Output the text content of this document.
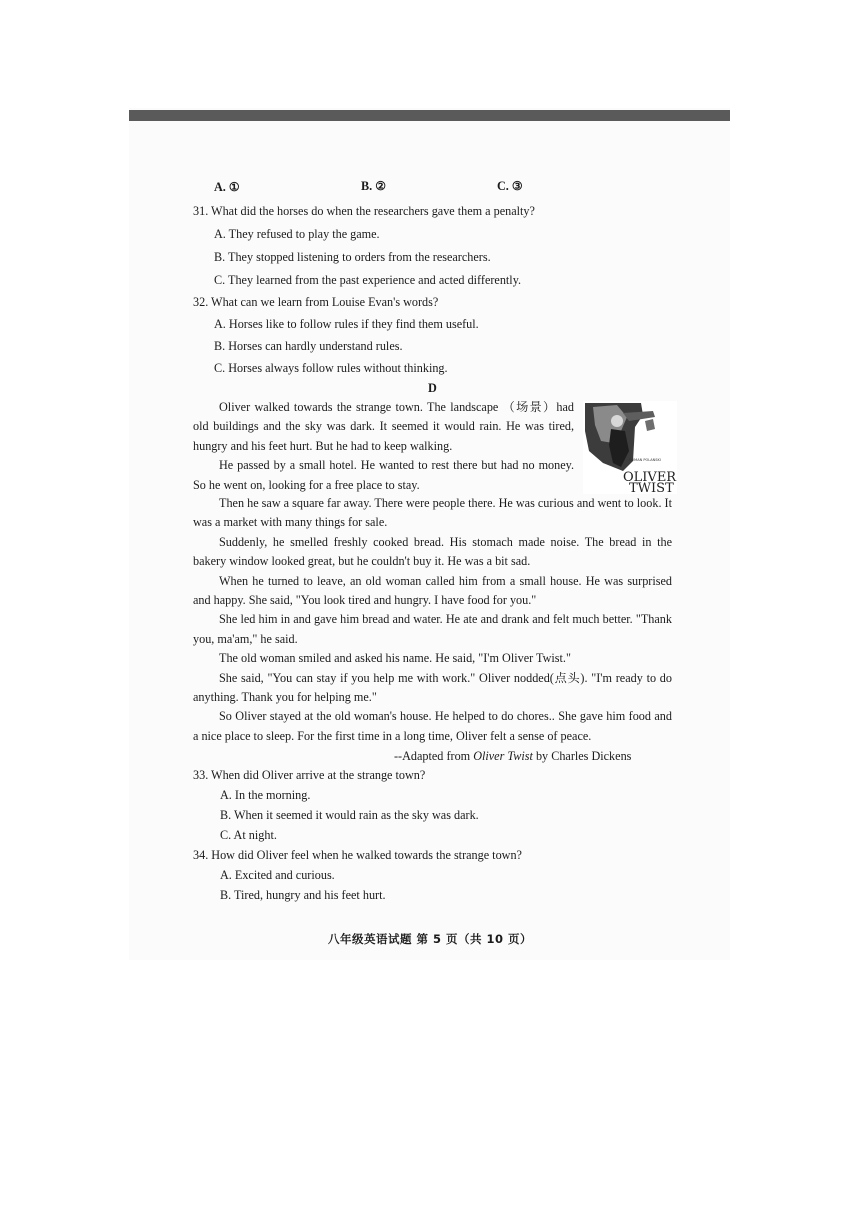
A. ①	B. ②	C. ③
31. What did the horses do when the researchers gave them a penalty?
A. They refused to play the game.
B. They stopped listening to orders from the researchers.
C. They learned from the past experience and acted differently.
32. What can we learn from Louise Evan's words?
A. Horses like to follow rules if they find them useful.
B. Horses can hardly understand rules.
C. Horses always follow rules without thinking.
D

Oliver walked towards the strange town. The landscape （场景）had old buildings and the sky was dark. It seemed it would rain. He was tired, hungry and his feet hurt. But he had to keep walking.

He passed by a small hotel. He wanted to rest there but had no money. So he went on, looking for a free place to stay.

ROMAN POLANSKI
OLIVER
TWIST

Then he saw a square far away. There were people there. He was curious and went to look. It was a market with many things for sale.

Suddenly, he smelled freshly cooked bread. His stomach made noise. The bread in the bakery window looked great, but he couldn't buy it. He was a bit sad.

When he turned to leave, an old woman called him from a small house. He was surprised and happy. She said, "You look tired and hungry. I have food for you."

She led him in and gave him bread and water. He ate and drank and felt much better. "Thank you, ma'am," he said.

The old woman smiled and asked his name. He said, "I'm Oliver Twist."

She said, "You can stay if you help me with work." Oliver nodded(点头). "I'm ready to do anything. Thank you for helping me."

So Oliver stayed at the old woman's house. He helped to do chores.. She gave him food and a nice place to sleep. For the first time in a long time, Oliver felt a sense of peace.

--Adapted from Oliver Twist by Charles Dickens
33. When did Oliver arrive at the strange town?
A. In the morning.
B. When it seemed it would rain as the sky was dark.
C. At night.
34. How did Oliver feel when he walked towards the strange town?
A. Excited and curious.
B. Tired, hungry and his feet hurt.
八年级英语试题 第 5 页（共 10 页）
